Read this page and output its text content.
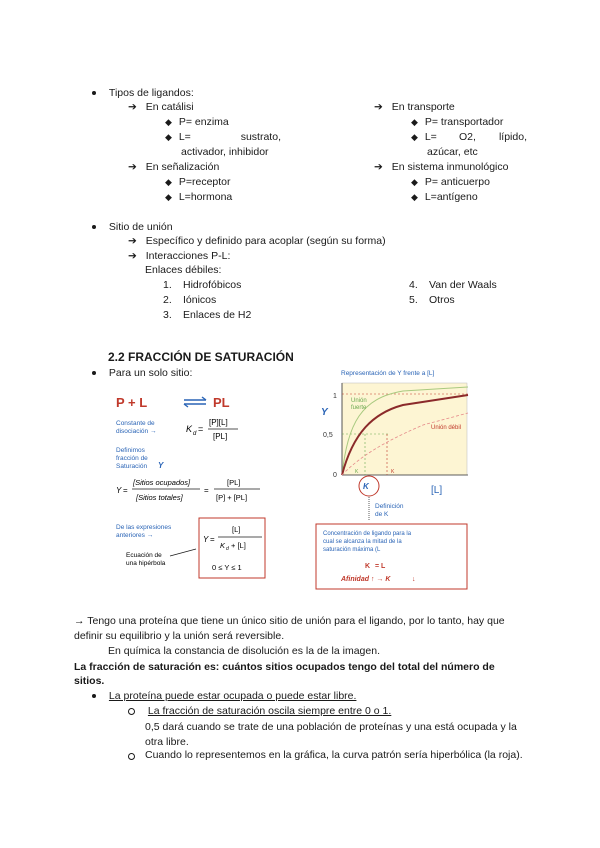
Tipos de ligandos:
➔ En catálisi
◆ P= enzima
◆ L=	sustrato,
activador, inhibidor
➔ En transporte
◆ P= transportador
◆ L= O2, lípido,
azúcar, etc
➔ En señalización
◆ P=receptor
◆ L=hormona
➔ En sistema inmunológico
◆ P= anticuerpo
◆ L=antígeno
Sitio de unión
➔ Específico y definido para acoplar (según su forma)
➔ Interacciones P-L:
Enlaces débiles:
1. Hidrofóbicos
2. Iónicos
3. Enlaces de H2
4. Van der Waals
5. Otros
2.2 FRACCIÓN DE SATURACIÓN
Para un solo sitio:
P + L	PL
Constante de
disociación →	K d =
[P][L]
[PL]
Definimos
fracción de
Saturación Y
Y =
[Sitios ocupados]
[Sitios totales]
=
[PL]
[P] + [PL]
De las expresiones
anteriores →
Ecuación de
una hipérbola
Y =
[L]
K d + [L]
0 ≤ Y ≤ 1
Representación de Y frente a [L]
Y
1
0,5
0
Unión
fuerte
Unión débil
K	K
K	[L]
Definición
de K
Concentración de ligando para la
cual se alcanza la mitad de la
saturación máxima (L
K = L
Afinidad ↑ → K	↓
→ Tengo una proteína que tiene un único sitio de unión para el ligando, por lo tanto, hay que definir su equilibrio y la unión será reversible.
En química la constancia de disolución es la de la imagen.
La fracción de saturación es: cuántos sitios ocupados tengo del total del número de sitios.
La proteína puede estar ocupada o puede estar libre.
La fracción de saturación oscila siempre entre 0 o 1.
0,5 dará cuando se trate de una población de proteínas y una está ocupada y la otra libre.
Cuando lo representemos en la gráfica, la curva patrón sería hiperbólica (la roja).
